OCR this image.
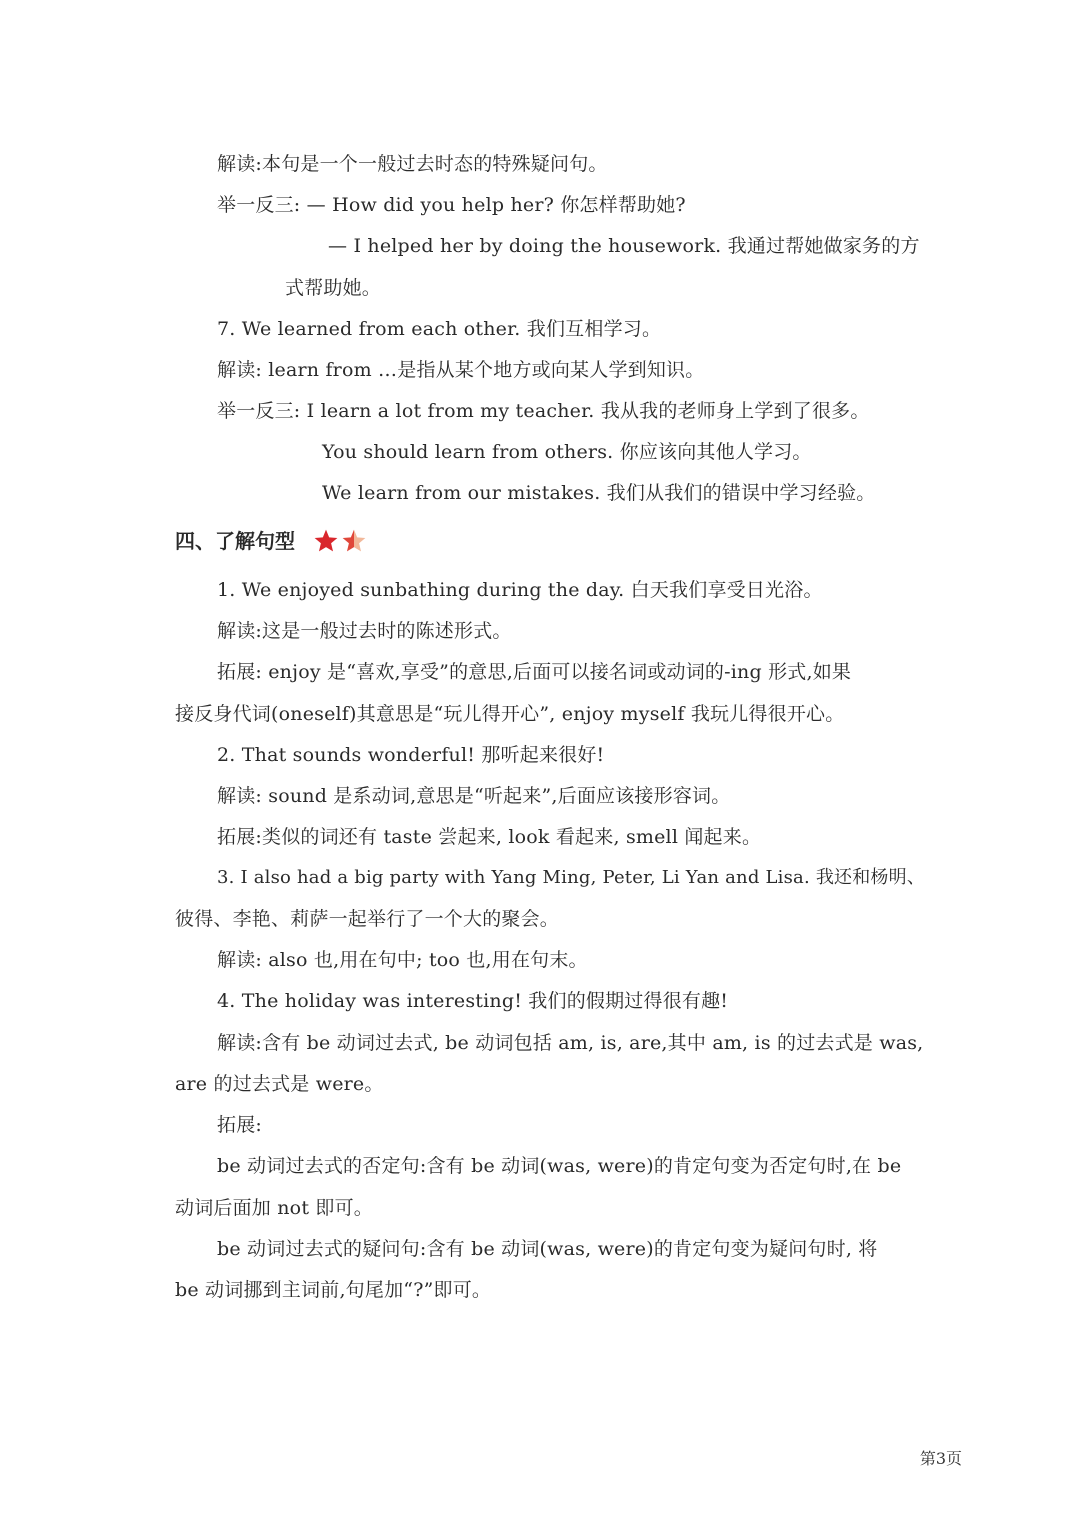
解读:本句是一个一般过去时态的特殊疑问句。
举一反三: — How did you help her? 你怎样帮助她?
— I helped her by doing the housework. 我通过帮她做家务的方
式帮助她。
7. We learned from each other. 我们互相学习。
解读: learn from …是指从某个地方或向某人学到知识。
举一反三: I learn a lot from my teacher. 我从我的老师身上学到了很多。
You should learn from others. 你应该向其他人学习。
We learn from our mistakes. 我们从我们的错误中学习经验。
四、了解句型
1. We enjoyed sunbathing during the day. 白天我们享受日光浴。
解读:这是一般过去时的陈述形式。
拓展: enjoy 是“喜欢,享受”的意思,后面可以接名词或动词的-ing 形式,如果
接反身代词(oneself)其意思是“玩儿得开心”, enjoy myself 我玩儿得很开心。
2. That sounds wonderful! 那听起来很好!
解读: sound 是系动词,意思是“听起来”,后面应该接形容词。
拓展:类似的词还有 taste 尝起来, look 看起来, smell 闻起来。
3. I also had a big party with Yang Ming, Peter, Li Yan and Lisa. 我还和杨明、
彼得、李艳、莉萨一起举行了一个大的聚会。
解读: also 也,用在句中; too 也,用在句末。
4. The holiday was interesting! 我们的假期过得很有趣!
解读:含有 be 动词过去式, be 动词包括 am, is, are,其中 am, is 的过去式是 was,
are 的过去式是 were。
拓展:
be 动词过去式的否定句:含有 be 动词(was, were)的肯定句变为否定句时,在 be
动词后面加 not 即可。
be 动词过去式的疑问句:含有 be 动词(was, were)的肯定句变为疑问句时, 将
be 动词挪到主词前,句尾加“?”即可。
第3页
